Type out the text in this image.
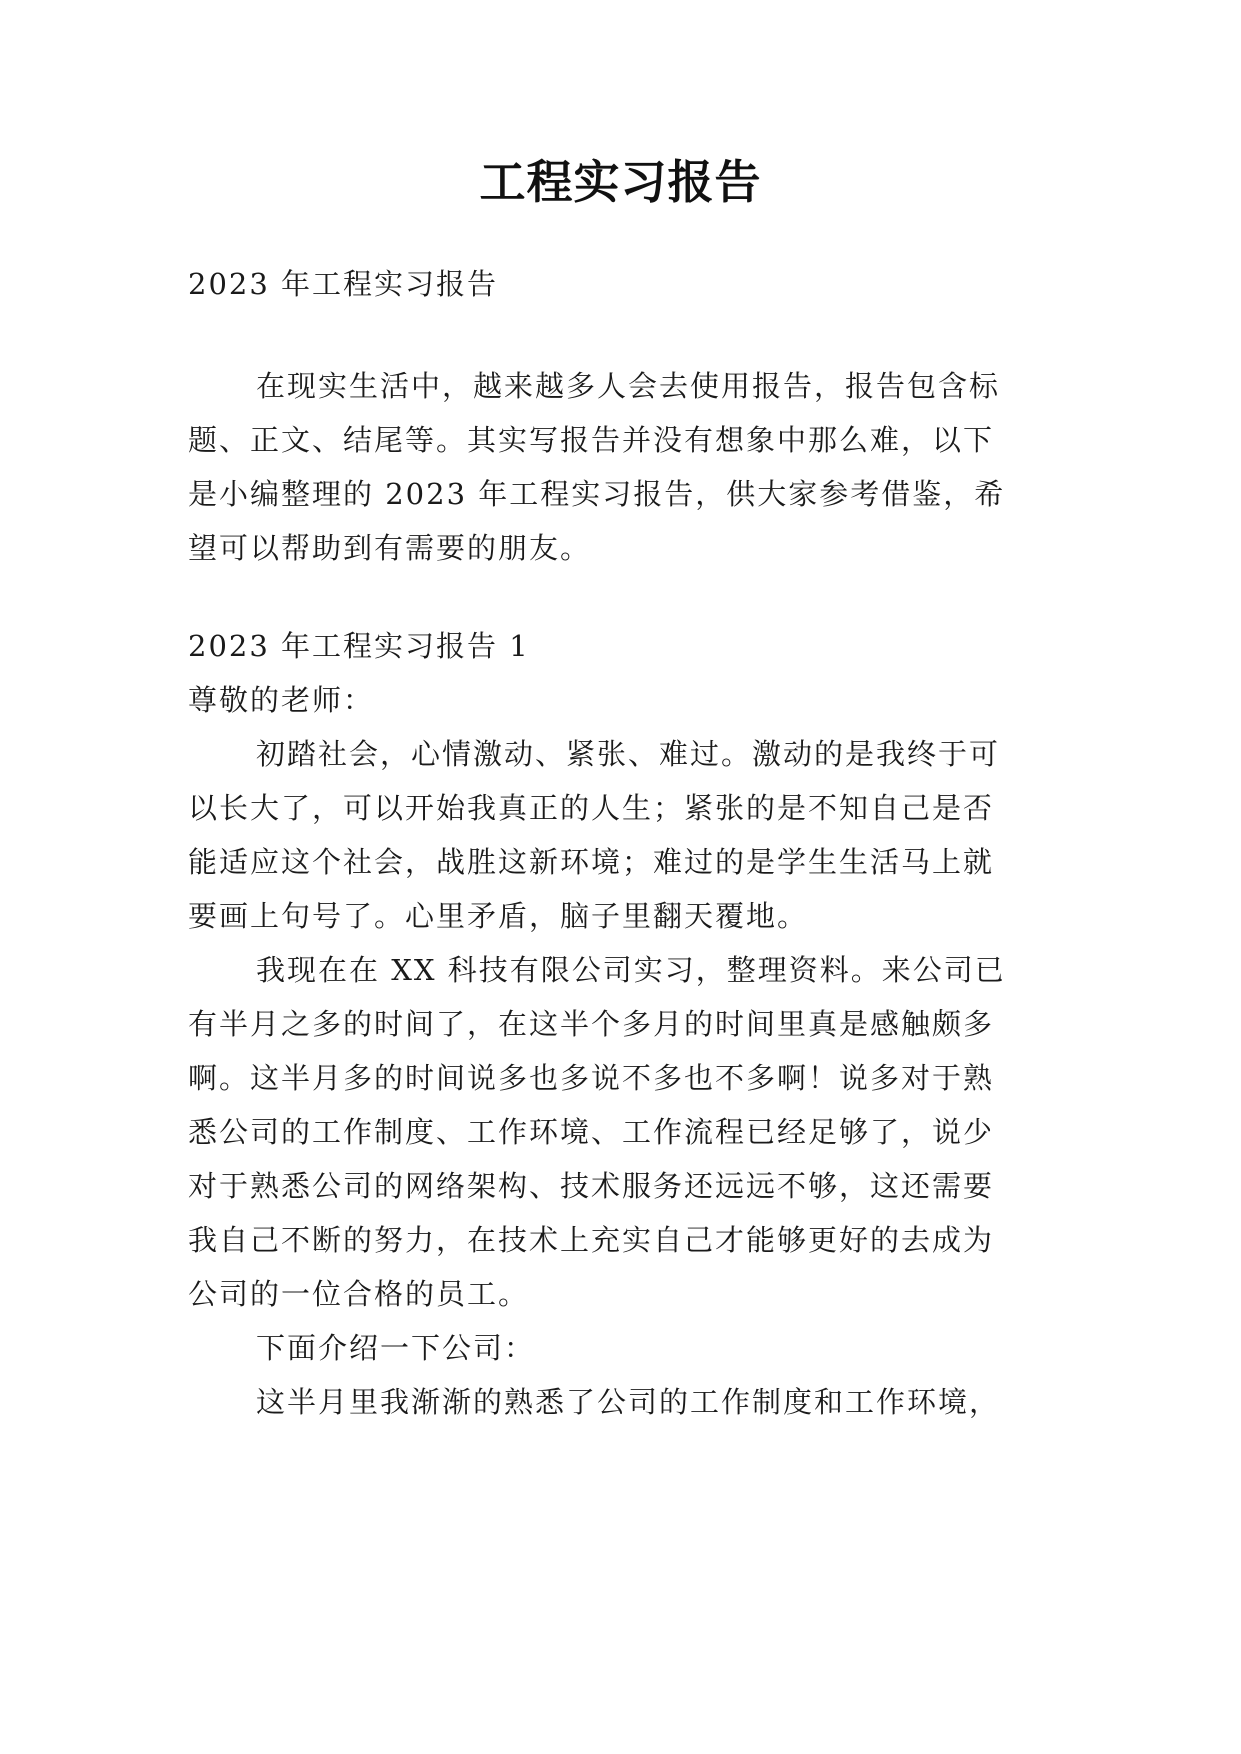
工程实习报告
2023 年工程实习报告
在现实生活中，越来越多人会去使用报告，报告包含标
题、正文、结尾等。其实写报告并没有想象中那么难，以下
是小编整理的 2023 年工程实习报告，供大家参考借鉴，希
望可以帮助到有需要的朋友。
2023 年工程实习报告 1
尊敬的老师：
初踏社会，心情激动、紧张、难过。激动的是我终于可
以长大了，可以开始我真正的人生；紧张的是不知自己是否
能适应这个社会，战胜这新环境；难过的是学生生活马上就
要画上句号了。心里矛盾，脑子里翻天覆地。
我现在在 XX 科技有限公司实习，整理资料。来公司已
有半月之多的时间了，在这半个多月的时间里真是感触颇多
啊。这半月多的时间说多也多说不多也不多啊！说多对于熟
悉公司的工作制度、工作环境、工作流程已经足够了，说少
对于熟悉公司的网络架构、技术服务还远远不够，这还需要
我自己不断的努力，在技术上充实自己才能够更好的去成为
公司的一位合格的员工。
下面介绍一下公司：
这半月里我渐渐的熟悉了公司的工作制度和工作环境，
